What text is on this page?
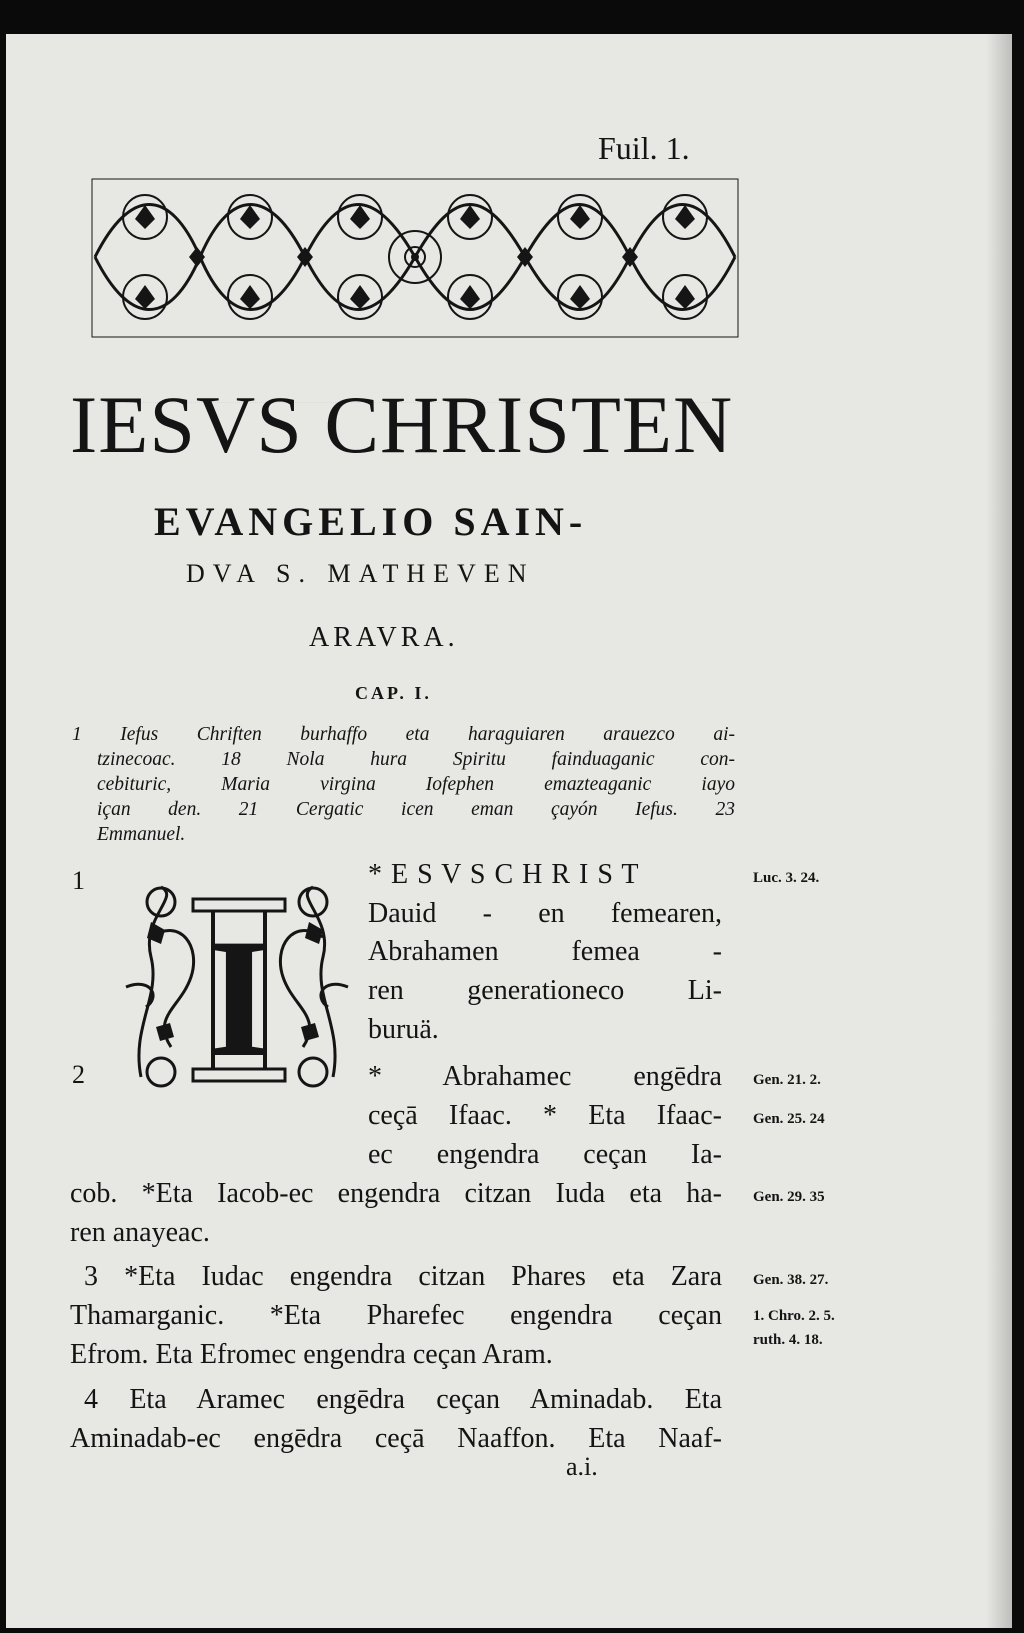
Fuil. 1.
IESVS CHRISTEN
EVANGELIO SAIN-
DVA S. MATHEVEN
ARAVRA.
CAP. I.
1 Iefus Chriften burhaffo eta haraguiaren arauezco ai-
tzinecoac. 18 Nola hura Spiritu fainduaganic con-
cebituric, Maria virgina Iofephen emazteaganic iayo
içan den. 21 Cergatic icen eman çayón Iefus. 23
Emmanuel.
1
2 I
* E S V S C H R I S T
Dauid - en femearen,
Abrahamen femea -
ren generationeco Li-
buruä.
* Abrahamec engēdra
ceçā Ifaac. * Eta Ifaac-
ec engendra ceçan Ia-
cob. *Eta Iacob-ec engendra citzan Iuda eta ha-
ren anayeac.
3 *Eta Iudac engendra citzan Phares eta Zara
Thamarganic. *Eta Pharefec engendra ceçan
Efrom. Eta Efromec engendra ceçan Aram.
4 Eta Aramec engēdra ceçan Aminadab. Eta
Aminadab-ec engēdra ceçā Naaffon. Eta Naaf-
Luc. 3. 24.
Gen. 21. 2.
Gen. 25. 24
Gen. 29. 35
Gen. 38. 27.
1. Chro. 2. 5.
ruth. 4. 18.
a.i.
